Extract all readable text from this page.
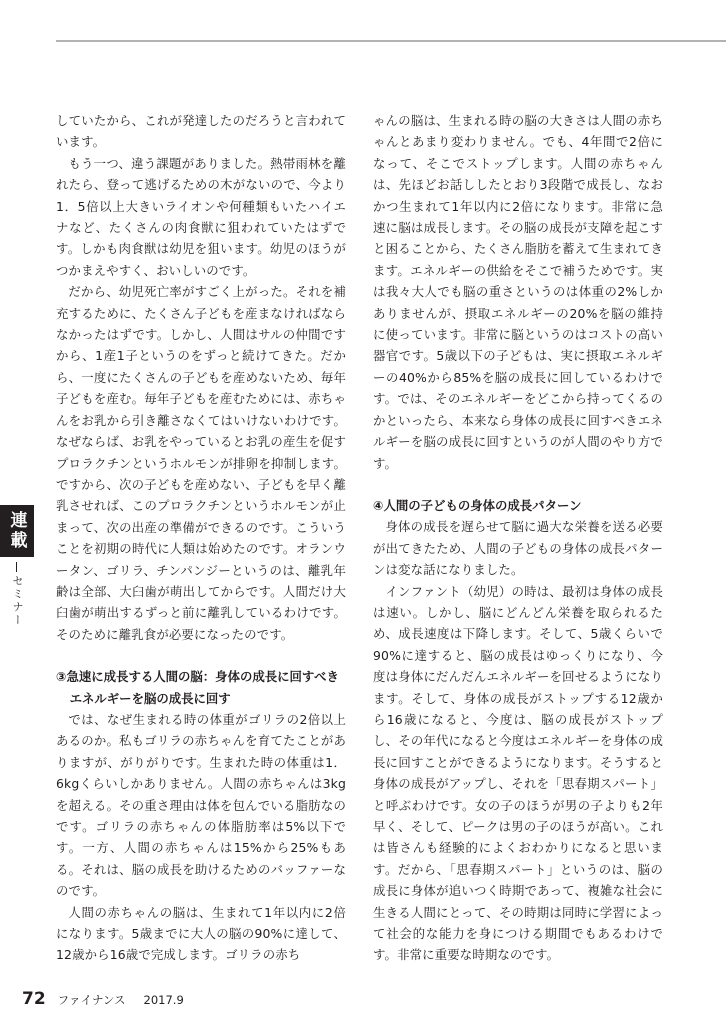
していたから、これが発達したのだろうと言われています。

もう一つ、違う課題がありました。熱帯雨林を離れたら、登って逃げるための木がないので、今より1．5倍以上大きいライオンや何種類もいたハイエナなど、たくさんの肉食獣に狙われていたはずです。しかも肉食獣は幼児を狙います。幼児のほうがつかまえやすく、おいしいのです。

だから、幼児死亡率がすごく上がった。それを補充するために、たくさん子どもを産まなければならなかったはずです。しかし、人間はサルの仲間ですから、1産1子というのをずっと続けてきた。だから、一度にたくさんの子どもを産めないため、毎年子どもを産む。毎年子どもを産むためには、赤ちゃんをお乳から引き離さなくてはいけないわけです。なぜならば、お乳をやっているとお乳の産生を促すプロラクチンというホルモンが排卵を抑制します。ですから、次の子どもを産めない、子どもを早く離乳させれば、このプロラクチンというホルモンが止まって、次の出産の準備ができるのです。こういうことを初期の時代に人類は始めたのです。オランウータン、ゴリラ、チンパンジーというのは、離乳年齢は全部、大臼歯が萌出してからです。人間だけ大臼歯が萌出するずっと前に離乳しているわけです。そのために離乳食が必要になったのです。

③急速に成長する人間の脳：身体の成長に回すべきエネルギーを脳の成長に回す

では、なぜ生まれる時の体重がゴリラの2倍以上あるのか。私もゴリラの赤ちゃんを育てたことがありますが、がりがりです。生まれた時の体重は1．6kgくらいしかありません。人間の赤ちゃんは3kgを超える。その重さ理由は体を包んでいる脂肪なのです。ゴリラの赤ちゃんの体脂肪率は5%以下です。一方、人間の赤ちゃんは15%から25%もある。それは、脳の成長を助けるためのバッファーなのです。

人間の赤ちゃんの脳は、生まれて1年以内に2倍になります。5歳までに大人の脳の90%に達して、12歳から16歳で完成します。ゴリラの赤ち

ゃんの脳は、生まれる時の脳の大きさは人間の赤ちゃんとあまり変わりません。でも、4年間で2倍になって、そこでストップします。人間の赤ちゃんは、先ほどお話ししたとおり3段階で成長し、なおかつ生まれて1年以内に2倍になります。非常に急速に脳は成長します。その脳の成長が支障を起こすと困ることから、たくさん脂肪を蓄えて生まれてきます。エネルギーの供給をそこで補うためです。実は我々大人でも脳の重さというのは体重の2%しかありませんが、摂取エネルギーの20%を脳の維持に使っています。非常に脳というのはコストの高い器官です。5歳以下の子どもは、実に摂取エネルギーの40%から85%を脳の成長に回しているわけです。では、そのエネルギーをどこから持ってくるのかといったら、本来なら身体の成長に回すべきエネルギーを脳の成長に回すというのが人間のやり方です。

④人間の子どもの身体の成長パターン

身体の成長を遅らせて脳に過大な栄養を送る必要が出てきたため、人間の子どもの身体の成長パターンは変な話になりました。

インファント（幼児）の時は、最初は身体の成長は速い。しかし、脳にどんどん栄養を取られるため、成長速度は下降します。そして、5歳くらいで90%に達すると、脳の成長はゆっくりになり、今度は身体にだんだんエネルギーを回せるようになります。そして、身体の成長がストップする12歳から16歳になると、今度は、脳の成長がストップし、その年代になると今度はエネルギーを身体の成長に回すことができるようになります。そうすると身体の成長がアップし、それを「思春期スパート」と呼ぶわけです。女の子のほうが男の子よりも2年早く、そして、ピークは男の子のほうが高い。これは皆さんも経験的によくおわかりになると思います。だから、「思春期スパート」というのは、脳の成長に身体が追いつく時期であって、複雑な社会に生きる人間にとって、その時期は同時に学習によって社会的な能力を身につける期間でもあるわけです。非常に重要な時期なのです。

連載
セミナー
72 ファイナンス 2017.9
